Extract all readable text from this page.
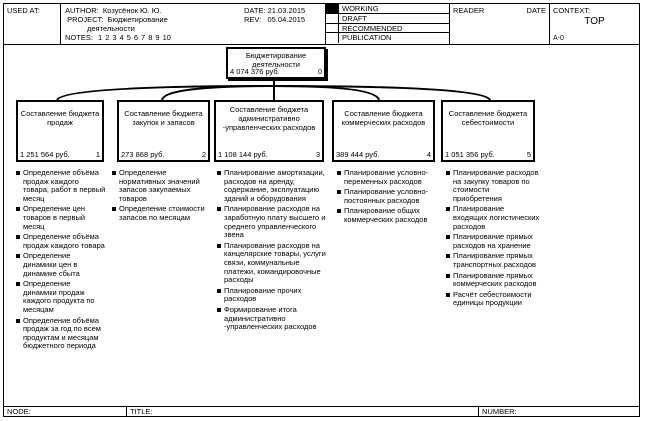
USED AT:	AUTHOR: Козусёнок Ю. Ю.
PROJECT: Бюджетирование
деятельности
NOTES: 1 2 3 4 5 6 7 8 9 10
DATE: 21.03.2015
REV: 05.04.2015
WORKING
DRAFT
RECOMMENDED
PUBLICATION
READER	DATE CONTEXT:
TOP
A-0
Бюджетирование деятельности
4 074 376 руб.	0
Составление бюджета продаж
1 251 564 руб.	1
Составление бюджета закупок и запасов
273 868 руб.	2
Составление бюджета административно -управленческих расходов
1 108 144 руб.	3
Составление бюджета коммерческих расходов
389 444 руб.	4
Составление бюджета себестоимости
1 051 356 руб.	5
Определение объёма продаж каждого товара, работ в первый месяц
Определение цен товаров в первый месяц
Определение объёма продаж каждого товара
Определение динамики цен в динамике сбыта
Определение динамики продаж каждого продукта по месяцам
Определение объёма продаж за год по всем продуктам и месяцам бюджетного периода
Определение нормативных значений запасов закупаемых товаров
Определение стоимости запасов по месяцам
Планирование амортизации, расходов на аренду, содержание, эксплуатацию зданий и оборудования
Планирование расходов на заработную плату высшего и среднего управленческого звена
Планирование расходов на канцелярские товары, услуги связи, коммунальные платежи, командировочные расходы
Планирование прочих расходов
Формирование итога административно -управленческих расходов
Планирование условно-переменных расходов
Планирование условно-постоянных расходов
Планирование общих коммерческих расходов
Планирование расходов на закупку товаров по стоимости приобретения
Планирование входящих логистических расходов
Планирование прямых расходов на хранение
Планирование прямых транспортных расходов
Планирование прямых коммерческих расходов
Расчёт себестоимости единицы продукции
NODE:	TITLE:	NUMBER:
